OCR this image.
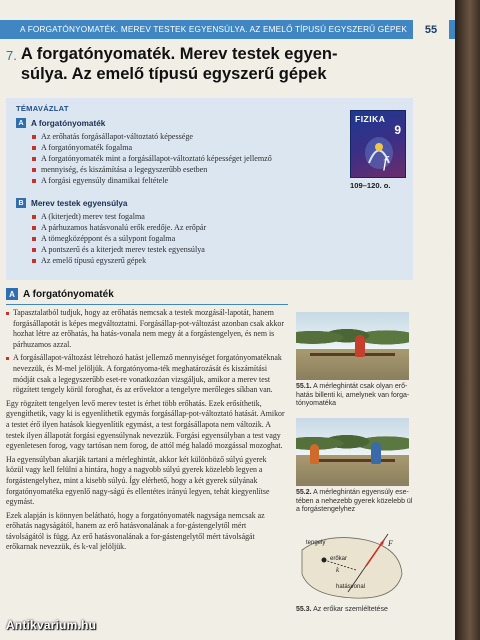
A FORGATÓNYOMATÉK. MEREV TESTEK EGYENSÚLYA. AZ EMELŐ TÍPUSÚ EGYSZERŰ GÉPEK	55
7. A forgatónyomaték. Merev testek egyen-
súlya. Az emelő típusú egyszerű gépek
TÉMAVÁZLAT
A A forgatónyomaték
Az erőhatás forgásállapot-változtató képessége
A forgatónyomaték fogalma
A forgatónyomaték mint a forgásállapot-változtató képességet jellemző
mennyiség, és kiszámítása a legegyszerűbb esetben
A forgási egyensúly dinamikai feltétele
B Merev testek egyensúlya
A (kiterjedt) merev test fogalma
A párhuzamos hatásvonalú erők eredője. Az erőpár
A tömegközéppont és a súlypont fogalma
A pontszerű és a kiterjedt merev testek egyensúlya
Az emelő típusú egyszerű gépek
FIZIKA
9
f
109–120. o.
A A forgatónyomaték

Tapasztalatból tudjuk, hogy az erőhatás nemcsak a testek mozgásál-lapotát, hanem forgásállapotát is képes megváltoztatni. Forgásállap-pot-változást azonban csak akkor hozhat létre az erőhatás, ha hatás-vonala nem megy át a forgástengelyen, és nem is párhuzamos azzal.

A forgásállapot-változást létrehozó hatást jellemző mennyiséget forgatónyomatéknak nevezzük, és M-mel jelöljük. A forgatónyoma-ték meghatározását és kiszámítási módját csak a legegyszerűbb eset-re vonatkozóan vizsgáljuk, amikor a merev test rögzített tengely körül foroghat, és az erővektor a tengelyre merőleges síkban van.

Egy rögzített tengelyen levő merev testet is érhet több erőhatás. Ezek erősíthetik, gyengíthetik, vagy ki is egyenlíthetik egymás forgásállap-pot-változtató hatását. Amikor a testet érő ilyen hatások kiegyenlítik egymást, a test forgásállapota nem változik. A testek ilyen állapotát forgási egyensúlynak nevezzük. Forgási egyensúlyban a test vagy egyenletesen forog, vagy tartósan nem forog, de attól még haladó mozgással mozoghat.

Ha egyensúlyban akarják tartani a mérleghintát, akkor két különböző súlyú gyerek közül vagy kell felülni a hintára, hogy a nagyobb súlyú gyerek közelebb legyen a forgástengelyhez, mint a kisebb súlyú. Így elérhető, hogy a két gyerek súlyának forgatónyomatéka egyenlő nagy-ságú és ellentétes irányú legyen, tehát kiegyenlítse egymást.

Ezek alapján is könnyen belátható, hogy a forgatónyomaték nagysága nemcsak az erőhatás nagyságától, hanem az erő hatásvonalának a for-gástengelytől mért távolságától is függ. Az erő hatásvonalának a for-gástengelytől mért távolságát erőkarnak nevezzük, és k-val jelöljük.

55.1. A mérleghintát csak olyan erő-hatás billenti ki, amelynek van forga-tónyomatéka
55.2. A mérleghintán egyensúly ese-tében a nehezebb gyerek közelebb ül a forgástengelyhez
tengely
erőkar
k
hatásvonal
F
55.3. Az erőkar szemléltetése
Antikvarium.hu
